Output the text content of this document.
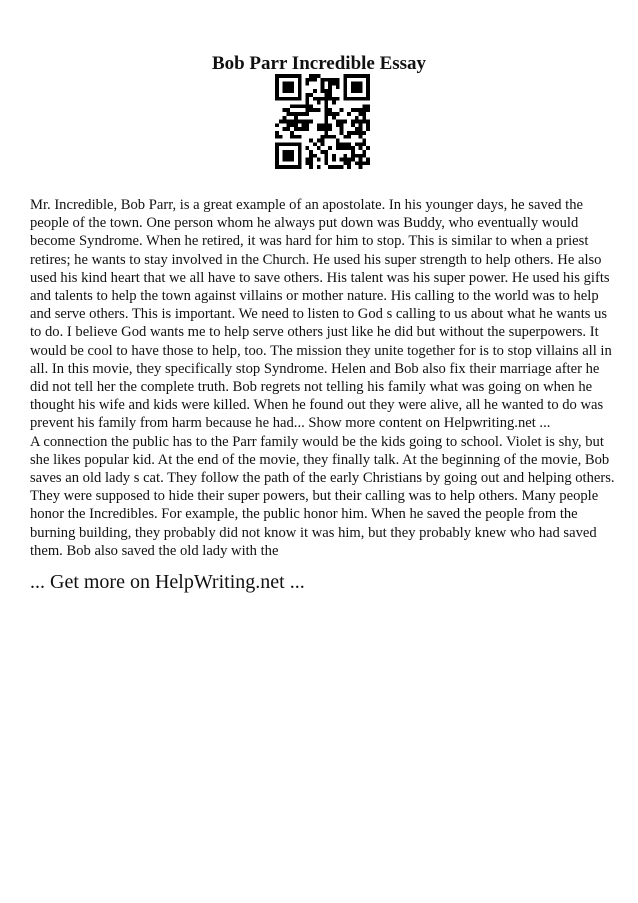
Bob Parr Incredible Essay

Mr. Incredible, Bob Parr, is a great example of an apostolate. In his younger days, he saved the people of the town. One person whom he always put down was Buddy, who eventually would become Syndrome. When he retired, it was hard for him to stop. This is similar to when a priest retires; he wants to stay involved in the Church. He used his super strength to help others. He also used his kind heart that we all have to save others. His talent was his super power. He used his gifts and talents to help the town against villains or mother nature. His calling to the world was to help and serve others. This is important. We need to listen to God s calling to us about what he wants us to do. I believe God wants me to help serve others just like he did but without the superpowers. It would be cool to have those to help, too. The mission they unite together for is to stop villains all in all. In this movie, they specifically stop Syndrome. Helen and Bob also fix their marriage after he did not tell her the complete truth. Bob regrets not telling his family what was going on when he thought his wife and kids were killed. When he found out they were alive, all he wanted to do was prevent his family from harm because he had... Show more content on Helpwriting.net ...

A connection the public has to the Parr family would be the kids going to school. Violet is shy, but she likes popular kid. At the end of the movie, they finally talk. At the beginning of the movie, Bob saves an old lady s cat. They follow the path of the early Christians by going out and helping others. They were supposed to hide their super powers, but their calling was to help others. Many people honor the Incredibles. For example, the public honor him. When he saved the people from the burning building, they probably did not know it was him, but they probably knew who had saved them. Bob also saved the old lady with the

... Get more on HelpWriting.net ...
